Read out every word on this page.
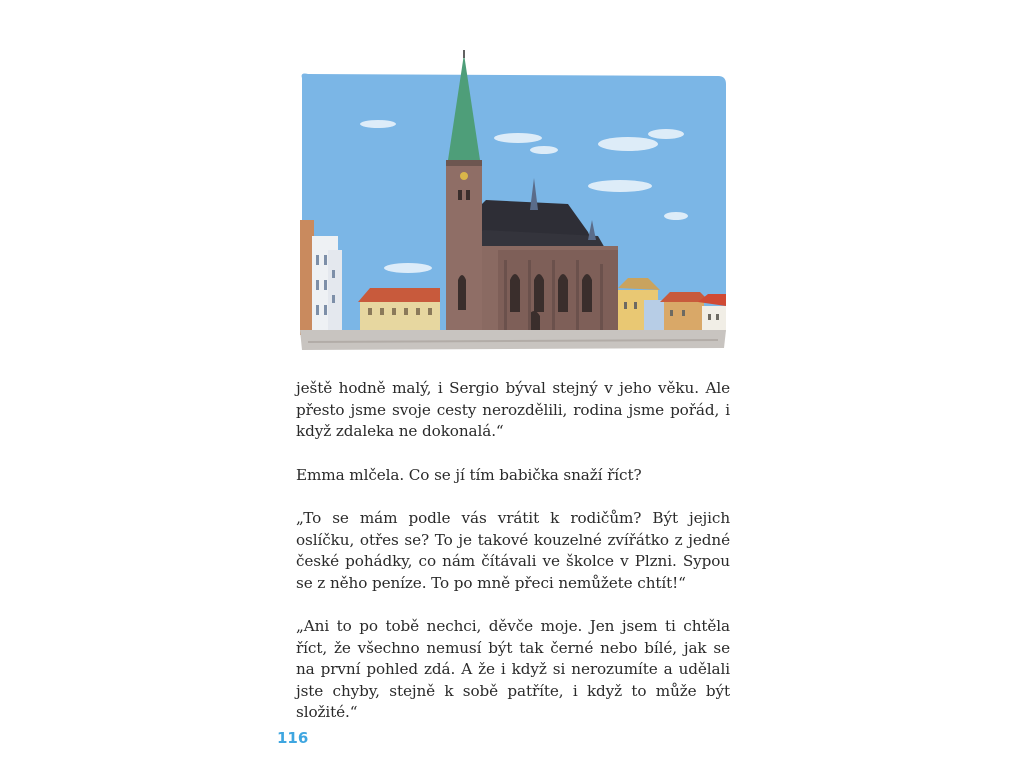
ještě hodně malý, i Sergio býval stejný v jeho věku. Ale přesto jsme svoje cesty nerozdělili, rodina jsme pořád, i když zdaleka ne dokonalá.“

Emma mlčela. Co se jí tím babička snaží říct?

„To se mám podle vás vrátit k rodičům? Být jejich oslíčku, otřes se? To je takové kouzelné zvířátko z jedné české pohádky, co nám čítávali ve školce v Plzni. Sypou se z něho peníze. To po mně přeci nemůžete chtít!“

„Ani to po tobě nechci, děvče moje. Jen jsem ti chtěla říct, že všechno nemusí být tak černé nebo bílé, jak se na první pohled zdá. A že i když si nerozumíte a udělali jste chyby, stejně k sobě patříte, i když to může být složité.“

116
